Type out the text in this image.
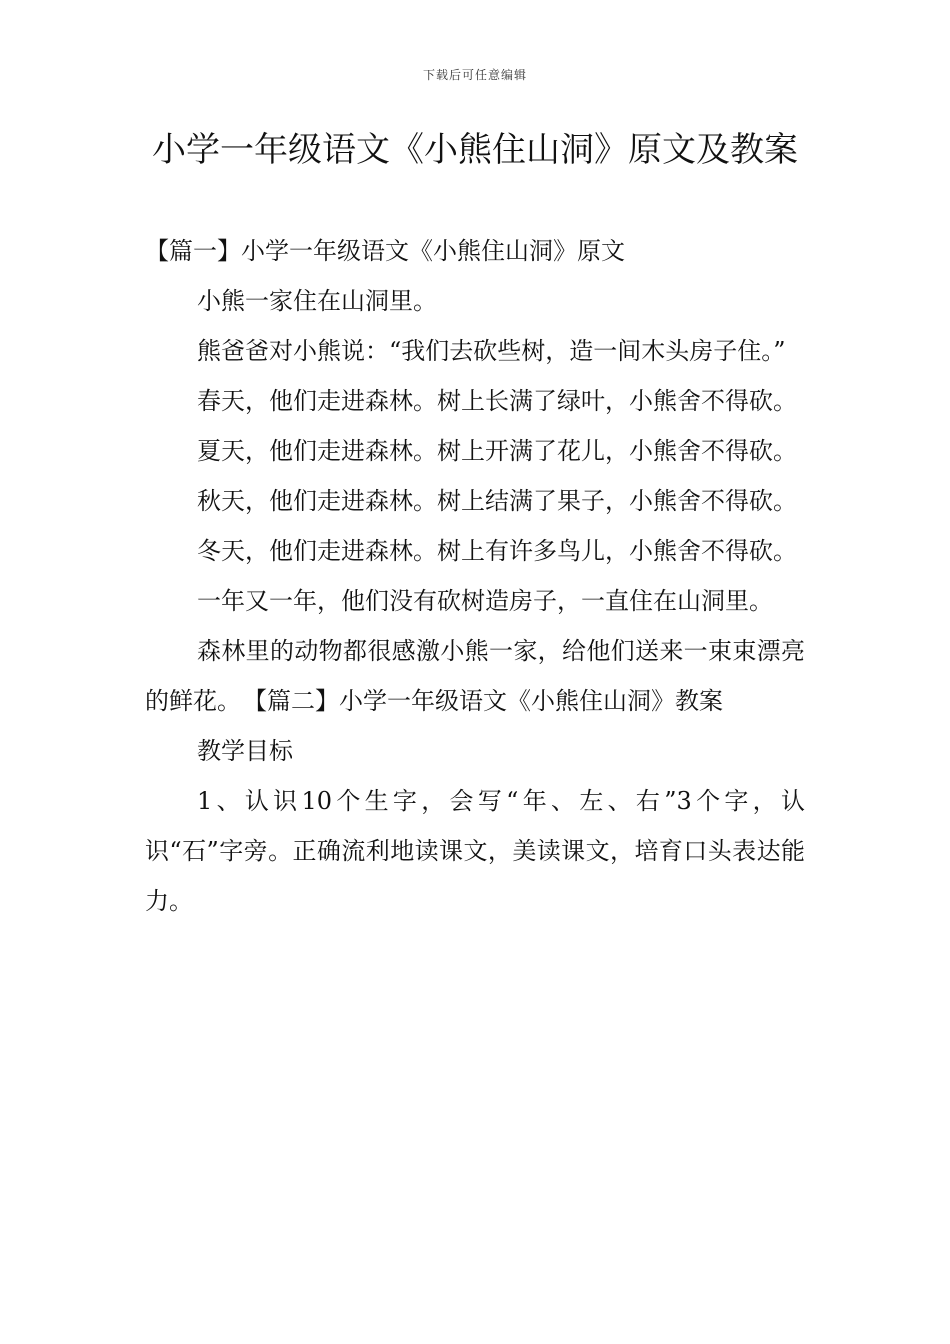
下载后可任意编辑
小学一年级语文《小熊住山洞》原文及教案

【篇一】小学一年级语文《小熊住山洞》原文

小熊一家住在山洞里。

熊爸爸对小熊说：“我们去砍些树，造一间木头房子住。”

春天，他们走进森林。树上长满了绿叶，小熊舍不得砍。

夏天，他们走进森林。树上开满了花儿，小熊舍不得砍。

秋天，他们走进森林。树上结满了果子，小熊舍不得砍。

冬天，他们走进森林。树上有许多鸟儿，小熊舍不得砍。

一年又一年，他们没有砍树造房子，一直住在山洞里。

森林里的动物都很感激小熊一家，给他们送来一束束漂亮的鲜花。 【篇二】小学一年级语文《小熊住山洞》教案

教学目标

1、认识10个生字，会写“年、左、右”3个字，认识“石”字旁。正确流利地读课文，美读课文，培育口头表达能力。
